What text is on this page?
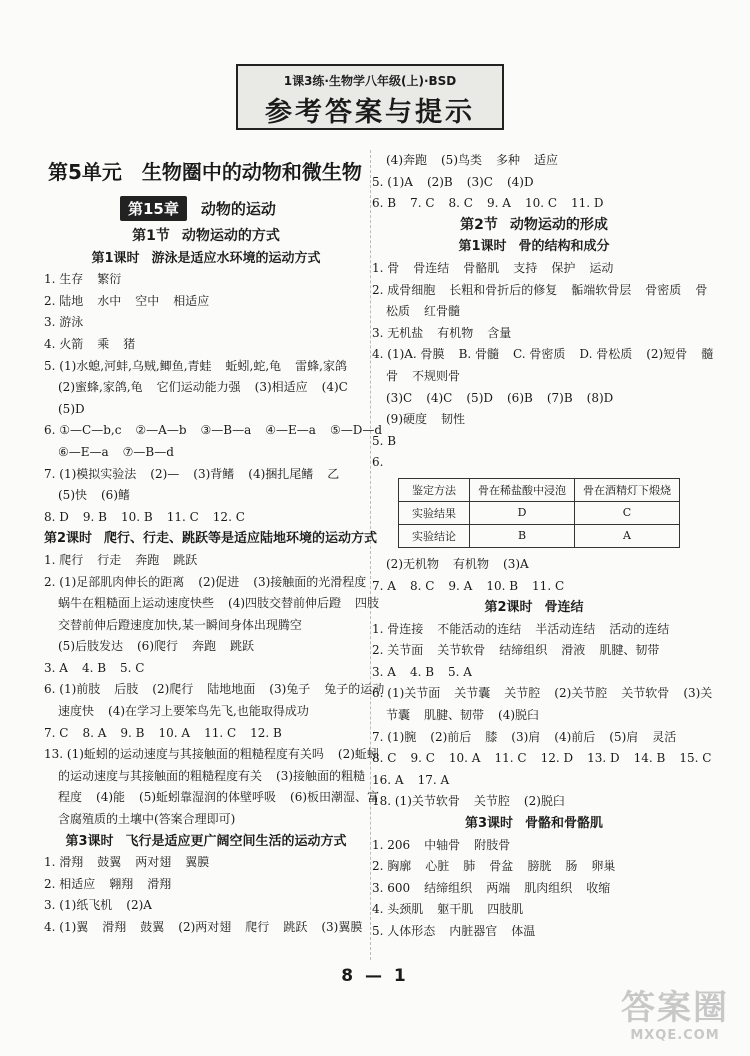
1课3练·生物学八年级(上)·BSD
参考答案与提示
第5单元 生物圈中的动物和微生物
第15章 动物的运动
第1节 动物运动的方式
第1课时 游泳是适应水环境的运动方式
1. 生存 繁衍
2. 陆地 水中 空中 相适应
3. 游泳
4. 火箭 乘 猪
5. (1)水螅,河蚌,乌贼,鲫鱼,青蛙 蚯蚓,蛇,龟 雷蜂,家鸽
(2)蜜蜂,家鸽,龟 它们运动能力强 (3)相适应 (4)C
(5)D
6. ①—C—b,c ②—A—b ③—B—a ④—E—a ⑤—D—d
⑥—E—a ⑦—B—d
7. (1)模拟实验法 (2)— (3)背鳍 (4)捆扎尾鳍 乙
(5)快 (6)鳍
8. D 9. B 10. B 11. C 12. C
第2课时 爬行、行走、跳跃等是适应陆地环境的运动方式
1. 爬行 行走 奔跑 跳跃
2. (1)足部肌肉伸长的距离 (2)促进 (3)接触面的光滑程度
蜗牛在粗糙面上运动速度快些 (4)四肢交替前伸后蹬 四肢
交替前伸后蹬速度加快,某一瞬间身体出现腾空
(5)后肢发达 (6)爬行 奔跑 跳跃
3. A 4. B 5. C
6. (1)前肢 后肢 (2)爬行 陆地地面 (3)兔子 兔子的运动
速度快 (4)在学习上要笨鸟先飞,也能取得成功
7. C 8. A 9. B 10. A 11. C 12. B
13. (1)蚯蚓的运动速度与其接触面的粗糙程度有关吗 (2)蚯蚓
的运动速度与其接触面的粗糙程度有关 (3)接触面的粗糙
程度 (4)能 (5)蚯蚓靠湿润的体壁呼吸 (6)板田潮湿、富
含腐殖质的土壤中(答案合理即可)
第3课时 飞行是适应更广阔空间生活的运动方式
1. 滑翔 鼓翼 两对翅 翼膜
2. 相适应 翱翔 滑翔
3. (1)纸飞机 (2)A
4. (1)翼 滑翔 鼓翼 (2)两对翅 爬行 跳跃 (3)翼膜
(4)奔跑 (5)鸟类 多种 适应
5. (1)A (2)B (3)C (4)D
6. B 7. C 8. C 9. A 10. C 11. D
第2节 动物运动的形成
第1课时 骨的结构和成分
1. 骨 骨连结 骨骼肌 支持 保护 运动
2. 成骨细胞 长粗和骨折后的修复 骺端软骨层 骨密质 骨
松质 红骨髓
3. 无机盐 有机物 含量
4. (1)A. 骨膜 B. 骨髓 C. 骨密质 D. 骨松质 (2)短骨 髓
骨 不规则骨
(3)C (4)C (5)D (6)B (7)B (8)D
(9)硬度 韧性
5. B
6.
鉴定方法	骨在稀盐酸中浸泡	骨在酒精灯下煅烧
实验结果	D	C
实验结论	B	A
(2)无机物 有机物 (3)A
7. A 8. C 9. A 10. B 11. C
第2课时 骨连结
1. 骨连接 不能活动的连结 半活动连结 活动的连结
2. 关节面 关节软骨 结缔组织 滑液 肌腱、韧带
3. A 4. B 5. A
6. (1)关节面 关节囊 关节腔 (2)关节腔 关节软骨 (3)关
节囊 肌腱、韧带 (4)脱臼
7. (1)腕 (2)前后 膝 (3)肩 (4)前后 (5)肩 灵活
8. C 9. C 10. A 11. C 12. D 13. D 14. B 15. C
16. A 17. A
18. (1)关节软骨 关节腔 (2)脱臼
第3课时 骨骼和骨骼肌
1. 206 中轴骨 附肢骨
2. 胸廓 心脏 肺 骨盆 膀胱 肠 卵巢
3. 600 结缔组织 两端 肌肉组织 收缩
4. 头颈肌 躯干肌 四肢肌
5. 人体形态 内脏器官 体温
8 — 1
答案圈
MXQE.COM
